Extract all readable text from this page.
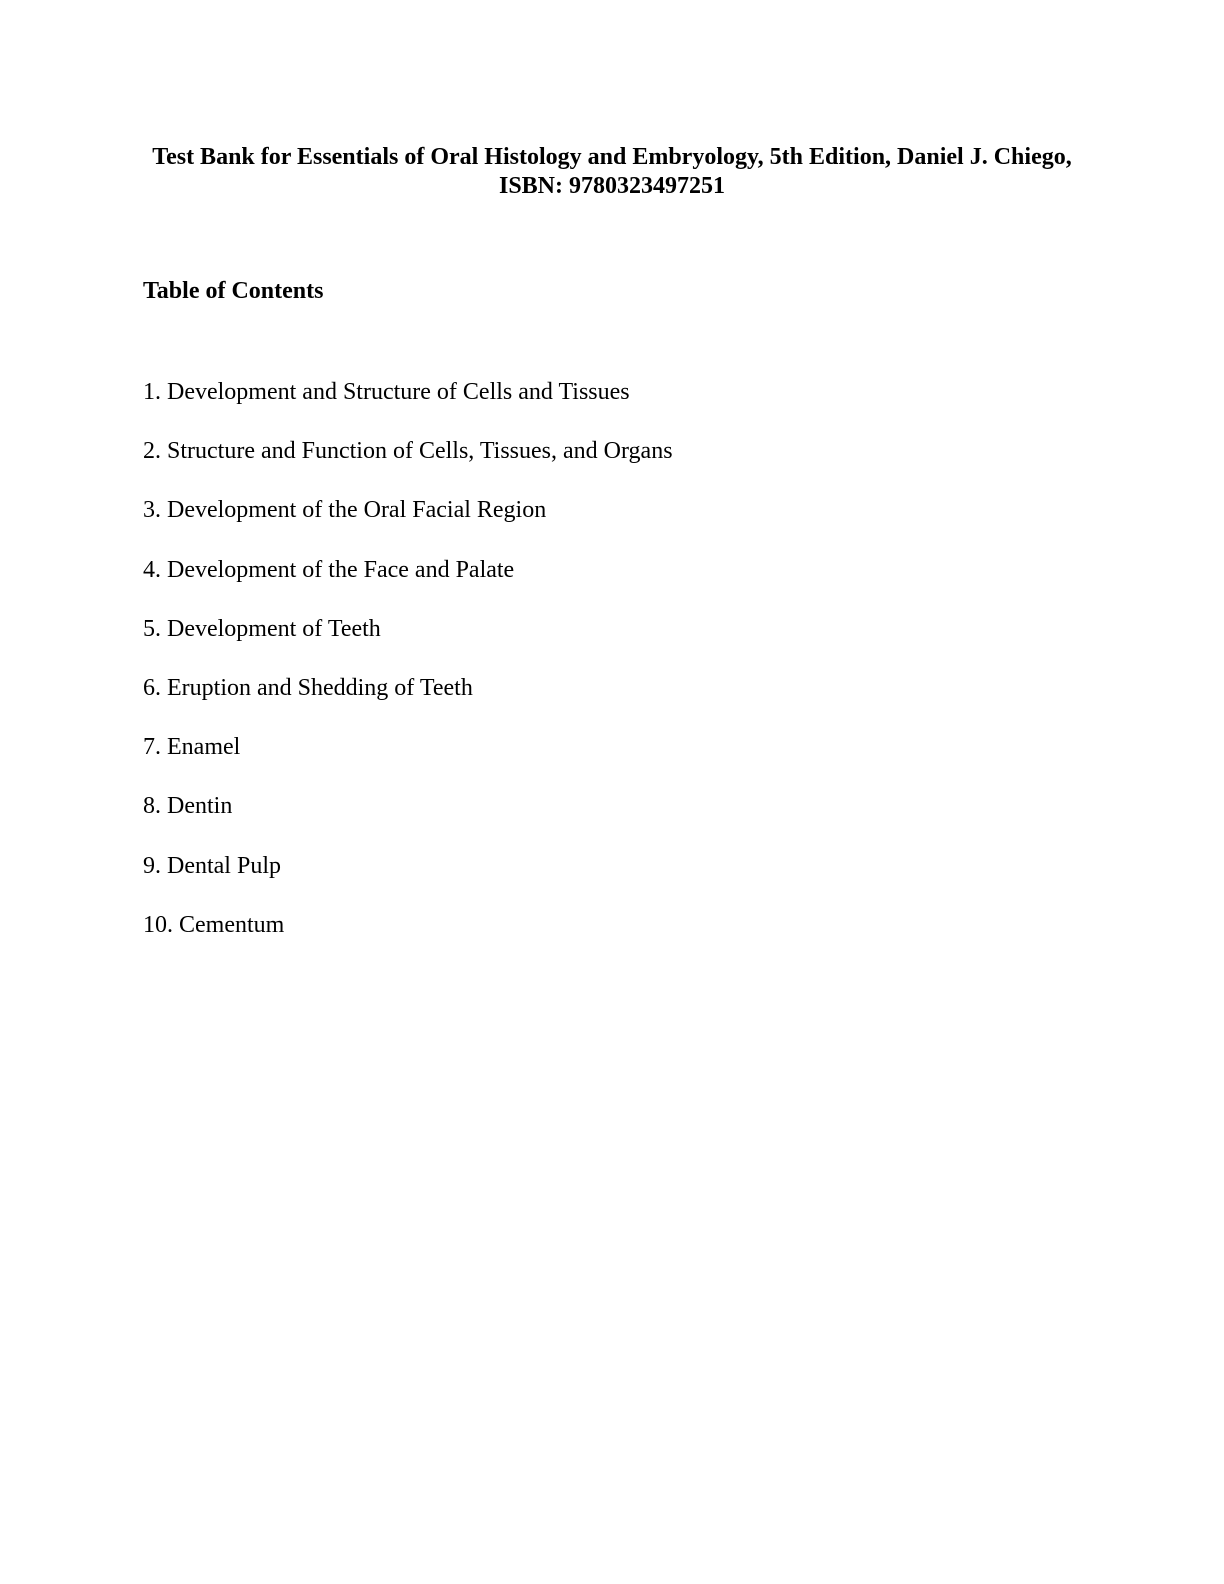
Test Bank for Essentials of Oral Histology and Embryology, 5th Edition, Daniel J. Chiego, ISBN: 9780323497251
Table of Contents
1. Development and Structure of Cells and Tissues
2. Structure and Function of Cells, Tissues, and Organs
3. Development of the Oral Facial Region
4. Development of the Face and Palate
5. Development of Teeth
6. Eruption and Shedding of Teeth
7. Enamel
8. Dentin
9. Dental Pulp
10. Cementum
